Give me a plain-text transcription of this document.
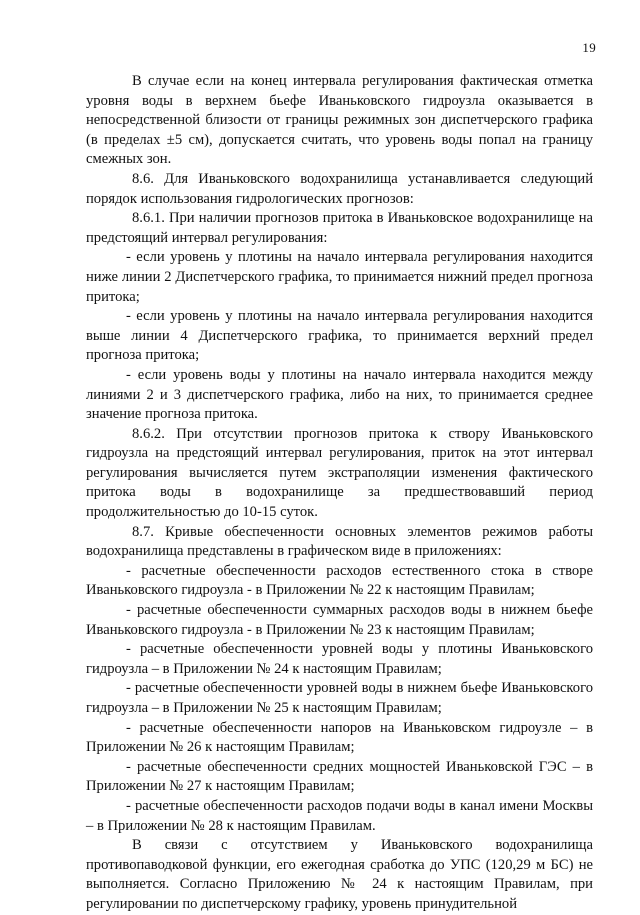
19

В случае если на конец интервала регулирования фактическая отметка уровня воды в верхнем бьефе Иваньковского гидроузла оказывается в непосредственной близости от границы режимных зон диспетчерского графика (в пределах ±5 см), допускается считать, что уровень воды попал на границу смежных зон.

8.6. Для Иваньковского водохранилища устанавливается следующий порядок использования гидрологических прогнозов:

8.6.1. При наличии прогнозов притока в Иваньковское водохранилище на предстоящий интервал регулирования:

- если уровень у плотины на начало интервала регулирования находится ниже линии 2 Диспетчерского графика, то принимается нижний предел прогноза притока;

- если уровень у плотины на начало интервала регулирования находится выше линии 4 Диспетчерского графика, то принимается верхний предел прогноза притока;

- если уровень воды у плотины на начало интервала находится между линиями 2 и 3 диспетчерского графика, либо на них, то принимается среднее значение прогноза притока.

8.6.2. При отсутствии прогнозов притока к створу Иваньковского гидроузла на предстоящий интервал регулирования, приток на этот интервал регулирования вычисляется путем экстраполяции изменения фактического притока воды в водохранилище за предшествовавший период продолжительностью до 10-15 суток.

8.7. Кривые обеспеченности основных элементов режимов работы водохранилища представлены в графическом виде в приложениях:

- расчетные обеспеченности расходов естественного стока в створе Иваньковского гидроузла - в Приложении № 22 к настоящим Правилам;

- расчетные обеспеченности суммарных расходов воды в нижнем бьефе Иваньковского гидроузла - в Приложении № 23 к настоящим Правилам;

- расчетные обеспеченности уровней воды у плотины Иваньковского гидроузла – в Приложении № 24 к настоящим Правилам;

- расчетные обеспеченности уровней воды в нижнем бьефе Иваньковского гидроузла – в Приложении № 25 к настоящим Правилам;

- расчетные обеспеченности напоров на Иваньковском гидроузле – в Приложении № 26 к настоящим Правилам;

- расчетные обеспеченности средних мощностей Иваньковской ГЭС – в Приложении № 27 к настоящим Правилам;

- расчетные обеспеченности расходов подачи воды в канал имени Москвы – в Приложении № 28 к настоящим Правилам.

В связи с отсутствием у Иваньковского водохранилища противопаводковой функции, его ежегодная сработка до УПС (120,29 м БС) не выполняется. Согласно Приложению № 24 к настоящим Правилам, при регулировании по диспетчерскому графику, уровень принудительной
